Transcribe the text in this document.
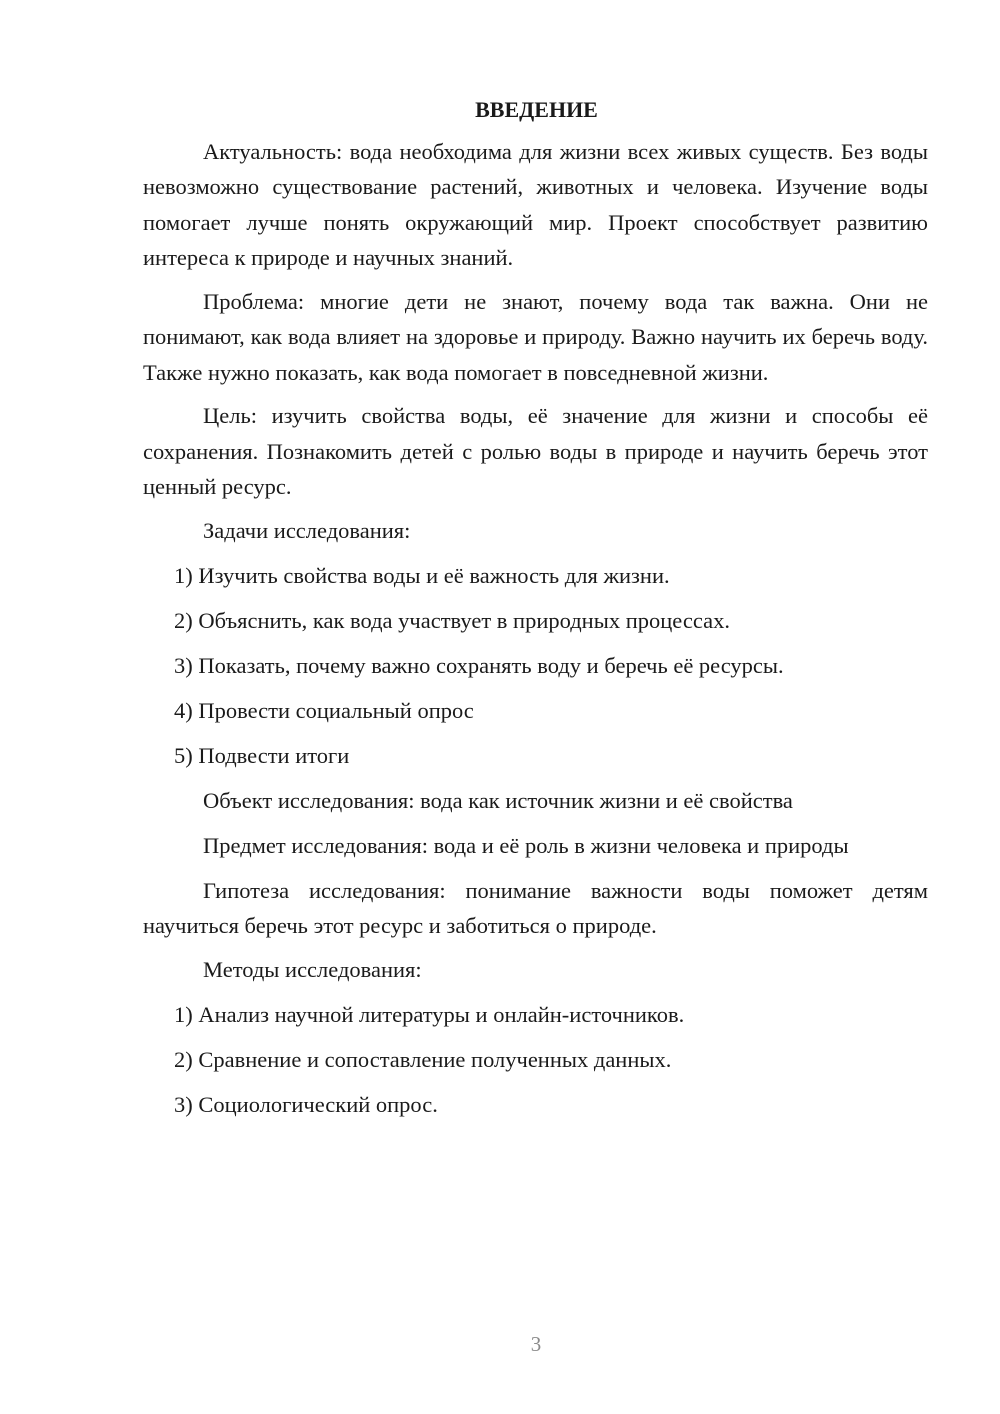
ВВЕДЕНИЕ

Актуальность: вода необходима для жизни всех живых существ. Без воды невозможно существование растений, животных и человека. Изучение воды помогает лучше понять окружающий мир. Проект способствует развитию интереса к природе и научных знаний.

Проблема: многие дети не знают, почему вода так важна. Они не понимают, как вода влияет на здоровье и природу. Важно научить их беречь воду. Также нужно показать, как вода помогает в повседневной жизни.

Цель: изучить свойства воды, её значение для жизни и способы её сохранения. Познакомить детей с ролью воды в природе и научить беречь этот ценный ресурс.

Задачи исследования:
1) Изучить свойства воды и её важность для жизни.
2) Объяснить, как вода участвует в природных процессах.
3) Показать, почему важно сохранять воду и беречь её ресурсы.
4) Провести социальный опрос
5) Подвести итоги
Объект исследования: вода как источник жизни и её свойства
Предмет исследования: вода и её роль в жизни человека и природы

Гипотеза исследования: понимание важности воды поможет детям научиться беречь этот ресурс и заботиться о природе.

Методы исследования:
1) Анализ научной литературы и онлайн-источников.
2) Сравнение и сопоставление полученных данных.
3) Социологический опрос.
3
